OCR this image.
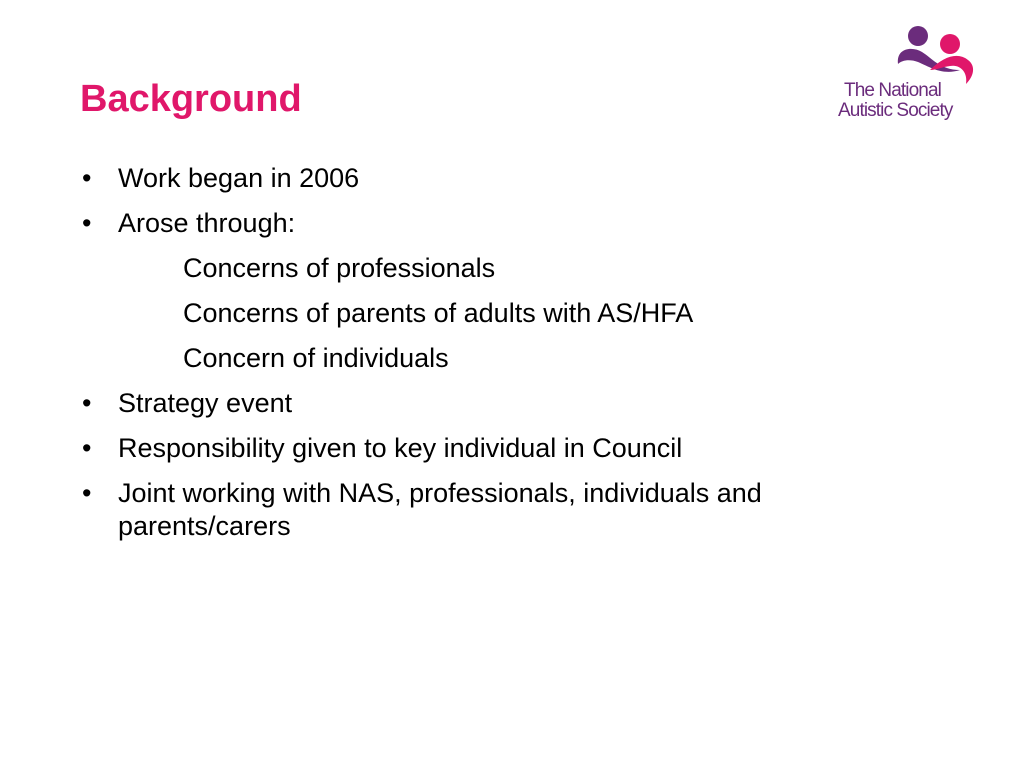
Background	The National
Autistic Society
• Work began in 2006
• Arose through:
Concerns of professionals
Concerns of parents of adults with AS/HFA
Concern of individuals
• Strategy event
• Responsibility given to key individual in Council
• Joint working with NAS, professionals, individuals and parents/carers
